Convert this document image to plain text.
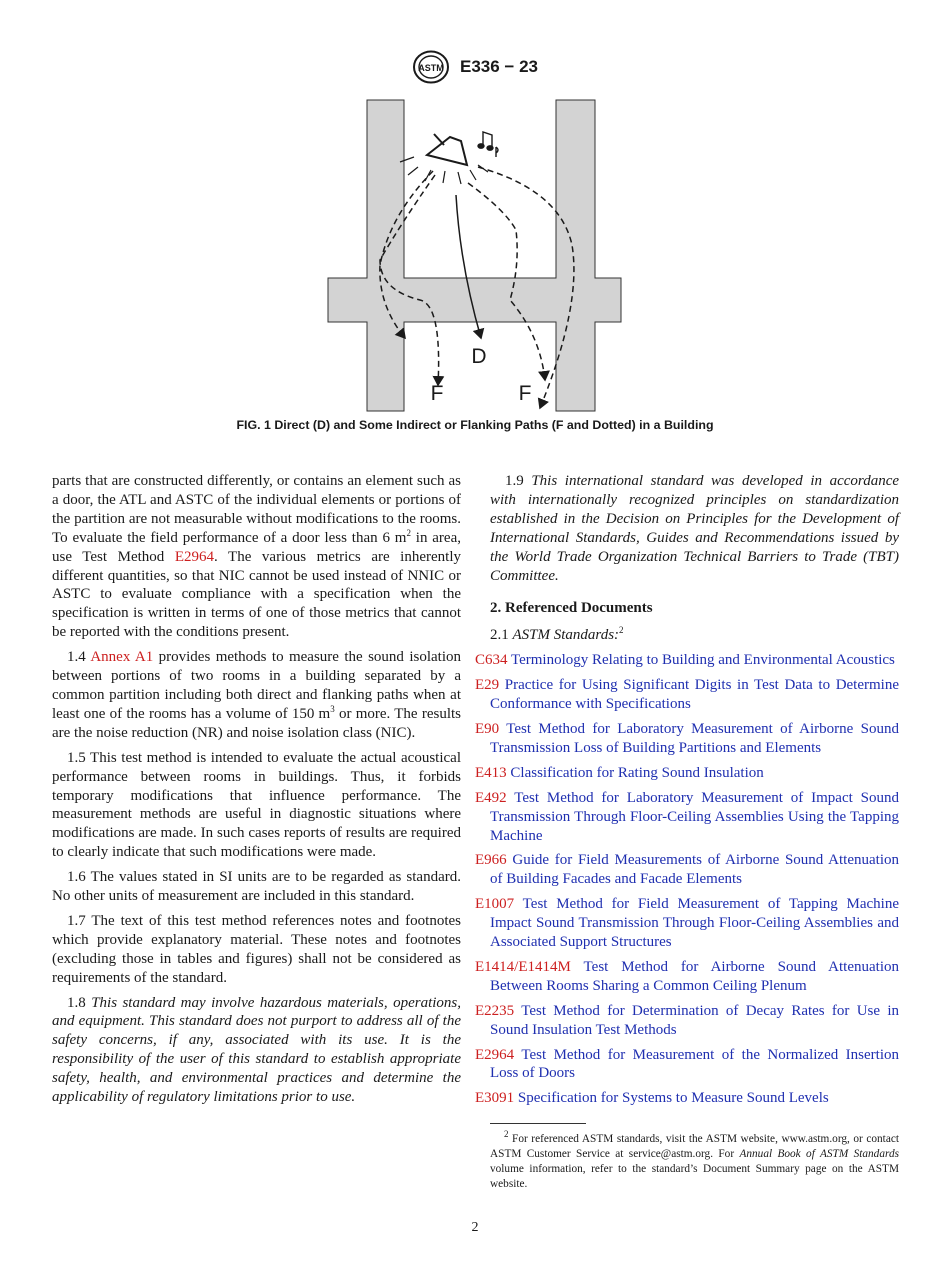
ASTM E336 − 23
D
F	F
FIG. 1 Direct (D) and Some Indirect or Flanking Paths (F and Dotted) in a Building

parts that are constructed differently, or contains an element such as a door, the ATL and ASTC of the individual elements or portions of the partition are not measurable without modifications to the rooms. To evaluate the field performance of a door less than 6 $m^2$ in area, use Test Method E2964. The various metrics are inherently different quantities, so that NIC cannot be used instead of NNIC or ASTC to evaluate compliance with a specification when the specification is written in terms of one of those metrics that cannot be reported with the conditions present.

1.4 Annex A1 provides methods to measure the sound isolation between portions of two rooms in a building separated by a common partition including both direct and flanking paths when at least one of the rooms has a volume of 150 $m^3$ or more. The results are the noise reduction (NR) and noise isolation class (NIC).

1.5 This test method is intended to evaluate the actual acoustical performance between rooms in buildings. Thus, it forbids temporary modifications that influence performance. The measurement methods are useful in diagnostic situations where modifications are made. In such cases reports of results are required to clearly indicate that such modifications were made.

1.6 The values stated in SI units are to be regarded as standard. No other units of measurement are included in this standard.

1.7 The text of this test method references notes and footnotes which provide explanatory material. These notes and footnotes (excluding those in tables and figures) shall not be considered as requirements of the standard.

1.8 This standard may involve hazardous materials, operations, and equipment. This standard does not purport to address all of the safety concerns, if any, associated with its use. It is the responsibility of the user of this standard to establish appropriate safety, health, and environmental practices and determine the applicability of regulatory limitations prior to use.

1.9 This international standard was developed in accordance with internationally recognized principles on standardization established in the Decision on Principles for the Development of International Standards, Guides and Recommendations issued by the World Trade Organization Technical Barriers to Trade (TBT) Committee.

2. Referenced Documents

2.1 ASTM Standards:$^2$

C634 Terminology Relating to Building and Environmental Acoustics

E29 Practice for Using Significant Digits in Test Data to Determine Conformance with Specifications

E90 Test Method for Laboratory Measurement of Airborne Sound Transmission Loss of Building Partitions and Elements

E413 Classification for Rating Sound Insulation

E492 Test Method for Laboratory Measurement of Impact Sound Transmission Through Floor-Ceiling Assemblies Using the Tapping Machine

E966 Guide for Field Measurements of Airborne Sound Attenuation of Building Facades and Facade Elements

E1007 Test Method for Field Measurement of Tapping Machine Impact Sound Transmission Through Floor-Ceiling Assemblies and Associated Support Structures

E1414/E1414M Test Method for Airborne Sound Attenuation Between Rooms Sharing a Common Ceiling Plenum

E2235 Test Method for Determination of Decay Rates for Use in Sound Insulation Test Methods

E2964 Test Method for Measurement of the Normalized Insertion Loss of Doors

E3091 Specification for Systems to Measure Sound Levels

$^2$ For referenced ASTM standards, visit the ASTM website, www.astm.org, or contact ASTM Customer Service at service@astm.org. For Annual Book of ASTM Standards volume information, refer to the standard’s Document Summary page on the ASTM website.
2
